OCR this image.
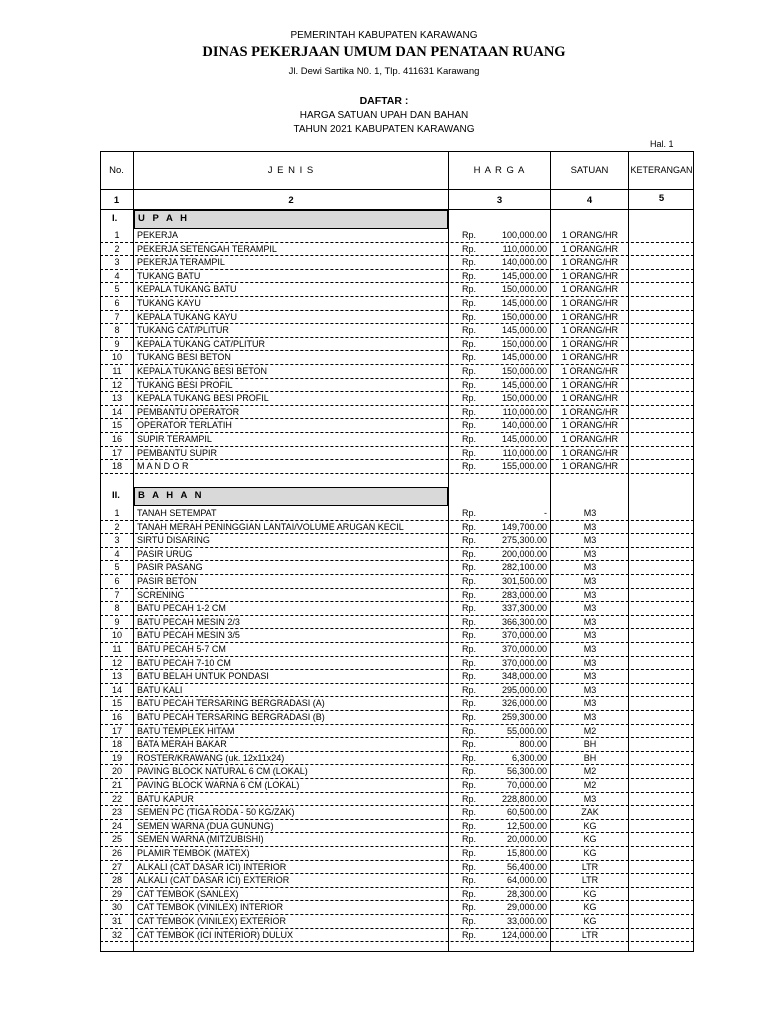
PEMERINTAH KABUPATEN KARAWANG
DINAS PEKERJAAN UMUM DAN PENATAAN RUANG
Jl. Dewi Sartika N0. 1, Tlp. 411631 Karawang
DAFTAR :
HARGA SATUAN UPAH DAN BAHAN
TAHUN 2021 KABUPATEN KARAWANG
Hal. 1
No.	J E N I S	H A R G A	SATUAN	KETERANGAN
1	2	3	4	5
I. U P A H
1	PEKERJA	Rp.	100,000.00	1 ORANG/HR
2	PEKERJA SETENGAH TERAMPIL	Rp.	110,000.00	1 ORANG/HR
3	PEKERJA TERAMPIL	Rp.	140,000.00	1 ORANG/HR
4	TUKANG BATU	Rp.	145,000.00	1 ORANG/HR
5	KEPALA TUKANG BATU	Rp.	150,000.00	1 ORANG/HR
6	TUKANG KAYU	Rp.	145,000.00	1 ORANG/HR
7	KEPALA TUKANG KAYU	Rp.	150,000.00	1 ORANG/HR
8	TUKANG CAT/PLITUR	Rp.	145,000.00	1 ORANG/HR
9	KEPALA TUKANG CAT/PLITUR	Rp.	150,000.00	1 ORANG/HR
10	TUKANG BESI BETON	Rp.	145,000.00	1 ORANG/HR
11	KEPALA TUKANG BESI BETON	Rp.	150,000.00	1 ORANG/HR
12	TUKANG BESI PROFIL	Rp.	145,000.00	1 ORANG/HR
13	KEPALA TUKANG BESI PROFIL	Rp.	150,000.00	1 ORANG/HR
14	PEMBANTU OPERATOR	Rp.	110,000.00	1 ORANG/HR
15	OPERATOR TERLATIH	Rp.	140,000.00	1 ORANG/HR
16	SUPIR TERAMPIL	Rp.	145,000.00	1 ORANG/HR
17	PEMBANTU SUPIR	Rp.	110,000.00	1 ORANG/HR
18	M A N D O R	Rp.	155,000.00	1 ORANG/HR
II. B A H A N
1	TANAH SETEMPAT	Rp.	-	M3
2	TANAH MERAH PENINGGIAN LANTAI/VOLUME ARUGAN KECIL	Rp.	149,700.00	M3
3	SIRTU DISARING	Rp.	275,300.00	M3
4	PASIR URUG	Rp.	200,000.00	M3
5	PASIR PASANG	Rp.	282,100.00	M3
6	PASIR BETON	Rp.	301,500.00	M3
7	SCRENING	Rp.	283,000.00	M3
8	BATU PECAH 1-2 CM	Rp.	337,300.00	M3
9	BATU PECAH MESIN 2/3	Rp.	366,300.00	M3
10	BATU PECAH MESIN 3/5	Rp.	370,000.00	M3
11	BATU PECAH 5-7 CM	Rp.	370,000.00	M3
12	BATU PECAH 7-10 CM	Rp.	370,000.00	M3
13	BATU BELAH UNTUK PONDASI	Rp.	348,000.00	M3
14	BATU KALI	Rp.	295,000.00	M3
15	BATU PECAH TERSARING BERGRADASI (A)	Rp.	326,000.00	M3
16	BATU PECAH TERSARING BERGRADASI (B)	Rp.	259,300.00	M3
17	BATU TEMPLEK HITAM	Rp.	55,000.00	M2
18	BATA MERAH BAKAR	Rp.	800.00	BH
19	ROSTER/KRAWANG (uk. 12x11x24)	Rp.	6,300.00	BH
20	PAVING BLOCK NATURAL 6 CM (LOKAL)	Rp.	56,300.00	M2
21	PAVING BLOCK WARNA 6 CM (LOKAL)	Rp.	70,000.00	M2
22	BATU KAPUR	Rp.	228,800.00	M3
23	SEMEN PC (TIGA RODA - 50 KG/ZAK)	Rp.	60,500.00	ZAK
24	SEMEN WARNA (DUA GUNUNG)	Rp.	12,500.00	KG
25	SEMEN WARNA (MITZUBISHI)	Rp.	20,000.00	KG
26	PLAMIR TEMBOK (MATEX)	Rp.	15,800.00	KG
27	ALKALI (CAT DASAR ICI) INTERIOR	Rp.	56,400.00	LTR
28	ALKALI (CAT DASAR ICI) EXTERIOR	Rp.	64,000.00	LTR
29	CAT TEMBOK (SANLEX)	Rp.	28,300.00	KG
30	CAT TEMBOK (VINILEX) INTERIOR	Rp.	29,000.00	KG
31	CAT TEMBOK (VINILEX) EXTERIOR	Rp.	33,000.00	KG
32	CAT TEMBOK (ICI INTERIOR) DULUX	Rp.	124,000.00	LTR
